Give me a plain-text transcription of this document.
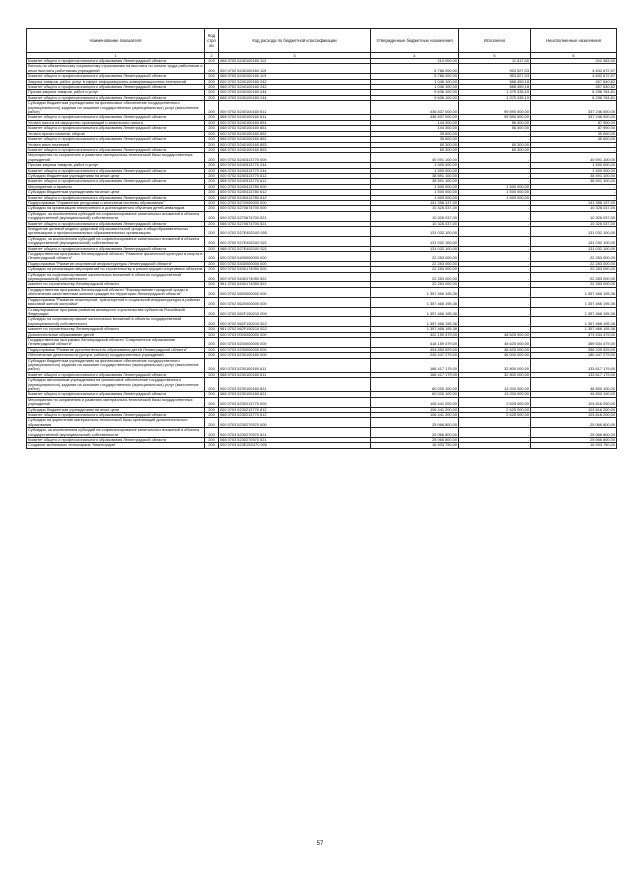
Наименование показателя	Код стро ки	Код расхода по бюджетной классификации	Утвержденные бюджетные назначения	Исполнено	Неисполненные назначения
1	2	3	4	5	6
Комитет общего и профессионального образования Ленинградской области	200	068 0702 5240100160 112	214 000,00	11 517,00	202 483,00
Взносы по обязательному социальному страхованию на выплаты по оплате труда работников и иные выплаты работникам учреждений	200	000 0702 5240100160 119	5 786 200,00	953 527,03	4 832 672,97
Комитет общего и профессионального образования Ленинградской области	200	068 0702 5240100160 119	5 786 200,00	953 527,03	4 832 672,97
Закупка товаров, работ, услуг в сфере информационно-коммуникационных технологий	200	000 0702 5240100160 242	1 046 100,00	588 459,18	457 640,82
Комитет общего и профессионального образования Ленинградской области	200	068 0702 5240100160 242	1 046 100,00	588 459,18	457 640,82
Прочая закупка товаров, работ и услуг	200	000 0702 5240100160 244	9 636 100,00	1 379 335,19	8 256 764,81
Комитет общего и профессионального образования Ленинградской области	200	068 0702 5240100160 244	9 636 100,00	1 379 335,19	8 256 764,81
Субсидии бюджетным учреждениям на финансовое обеспечение государственного (муниципального) задания на оказание государственных (муниципальных) услуг (выполнение работ)	200	000 0702 5240100160 611	436 837 000,00	99 590 500,00	337 246 500,00
Комитет общего и профессионального образования Ленинградской области	200	068 0702 5240100160 611	436 837 000,00	99 590 500,00	337 246 500,00
Уплата налога на имущество организаций и земельного налога	200	000 0702 5240100160 851	144 300,00	56 400,00	87 900,00
Комитет общего и профессионального образования Ленинградской области	200	068 0702 5240100160 851	144 300,00	56 400,00	87 900,00
Уплата прочих налогов, сборов	200	000 0702 5240100160 852	35 600,00	-	35 600,00
Комитет общего и профессионального образования Ленинградской области	200	068 0702 5240100160 852	35 600,00	-	35 600,00
Уплата иных платежей	200	000 0702 5240100160 853	80 300,00	80 300,00	-
Комитет общего и профессионального образования Ленинградской области	200	068 0702 5240100160 853	80 300,00	80 300,00	-
Мероприятия по сохранению и развитию материально-технической базы государственных учреждений	200	000 0702 5240313770 000	40 091 100,00	-	40 091 100,00
Прочая закупка товаров, работ и услуг	200	000 0702 5240313770 244	1 500 000,00	-	1 500 000,00
Комитет общего и профессионального образования Ленинградской области	200	068 0702 5240313770 244	1 500 000,00	-	1 500 000,00
Субсидии бюджетным учреждениям на иные цели	200	000 0702 5240313770 612	38 591 100,00	-	38 591 100,00
Комитет общего и профессионального образования Ленинградской области	200	068 0702 5240313770 612	38 591 100,00	-	38 591 100,00
Мероприятия и проекты	200	000 0702 5240413780 000	1 500 000,00	1 500 000,00	-
Субсидии бюджетным учреждениям на иные цели	200	000 0702 5240413780 612	1 500 000,00	1 500 000,00	-
Комитет общего и профессионального образования Ленинградской области	200	068 0702 5240413780 612	1 500 000,00	1 500 000,00	-
Подпрограмма "Управление ресурсами и качеством системы образования"	200	000 0702 5270000000 000	141 358 137,00	-	141 358 137,00
Субсидии на организацию электронного и дистанционного обучения детей-инвалидов	200	000 0702 5270674700 000	10 326 037,00	-	10 326 037,00
Субсидии, за исключением субсидий на софинансирование капитальных вложений в объекты государственной (муниципальной) собственности	200	000 0702 5270674700 521	10 326 037,00	-	10 326 037,00
Комитет общего и профессионального образования Ленинградской области	200	068 0702 5270674700 521	10 326 037,00	-	10 326 037,00
Внедрение целевой модели цифровой образовательной среды в общеобразовательных организациях и профессиональных образовательных организациях	200	000 0702 527E452100 000	131 032 100,00	-	131 032 100,00
Субсидии, за исключением субсидий на софинансирование капитальных вложений в объекты государственной (муниципальной) собственности	200	000 0702 527E452100 521	131 032 100,00	-	131 032 100,00
Комитет общего и профессионального образования Ленинградской области	200	068 0702 527E452100 521	131 032 100,00	-	131 032 100,00
Государственная программа Ленинградской области "Развитие физической культуры и спорта в Ленинградской области"	200	000 0702 5400000000 000	22 283 000,00	-	22 283 000,00
Подпрограмма "Развитие спортивной инфраструктуры Ленинградской области"	200	000 0702 5430000000 000	22 283 000,00	-	22 283 000,00
Субсидии на реализацию мероприятий по строительству и реконструкции спортивных объектов	200	000 0702 5430174050 000	22 283 000,00	-	22 283 000,00
Субсидии на софинансирование капитальных вложений в объекты государственной (муниципальной) собственности	200	000 0702 5430174050 522	22 283 000,00	-	22 283 000,00
комитет по строительству Ленинградской области	200	981 0702 5430174050 522	22 283 000,00	-	22 283 000,00
Государственная программа Ленинградской области "Формирование городской среды и обеспечение качественным жильем граждан на территории Ленинградской области"	200	000 0702 5600000000 000	1 357 466 195,36	-	1 357 466 195,36
Подпрограмма "Развитие инженерной, транспортной и социальной инфраструктуры в районах массовой жилой застройки"	200	000 0702 5620000000 000	1 357 466 195,36	-	1 357 466 195,36
Стимулирование программ развития жилищного строительства субъектов Российской Федерации	200	000 0702 562F150210 000	1 357 466 195,36	-	1 357 466 195,36
Субсидии на софинансирование капитальных вложений в объекты государственной (муниципальной) собственности	200	000 0702 562F150210 522	1 357 466 195,36	-	1 357 466 195,36
комитет по строительству Ленинградской области	200	981 0702 562F150210 522	1 357 466 195,36	-	1 357 466 195,36
Дополнительное образование детей	200	000 0703 0000000000 000	422 159 479,00	48 625 000,00	373 534 479,00
Государственная программа Ленинградской области "Современное образование Ленинградской области"	200	000 0703 5200000000 000	418 159 479,00	48 625 000,00	369 534 479,00
Подпрограмма "Развитие дополнительного образования детей Ленинградской области"	200	000 0703 5230000000 000	404 854 529,00	48 625 000,00	356 229 529,00
Обеспечение деятельности (услуги, работы) государственных учреждений	200	000 0703 5230100160 000	226 447 279,00	46 000 000,00	180 447 279,00
Субсидии бюджетным учреждениям на финансовое обеспечение государственного (муниципального) задания на оказание государственных (муниципальных) услуг (выполнение работ)	200	000 0703 5230100160 611	166 417 179,00	32 800 000,00	133 617 179,00
Комитет общего и профессионального образования Ленинградской области	200	068 0703 5230100160 611	166 417 179,00	32 800 000,00	133 617 179,00
Субсидии автономным учреждениям на финансовое обеспечение государственного (муниципального) задания на оказание государственных (муниципальных) услуг (выполнение работ)	200	000 0703 5230100160 621	60 030 100,00	13 200 000,00	46 830 100,00
Комитет общего и профессионального образования Ленинградской области	200	068 0703 5230100160 621	60 030 100,00	13 200 000,00	46 830 100,00
Мероприятия по сохранению и развитию материально-технической базы государственных учреждений	200	000 0703 5230213770 000	106 441 200,00	2 625 000,00	103 816 200,00
Субсидии бюджетным учреждениям на иные цели	200	000 0703 5230213770 612	106 441 200,00	2 625 000,00	103 816 200,00
Комитет общего и профессионального образования Ленинградской области	200	068 0703 5230213770 612	106 441 200,00	2 625 000,00	103 816 200,00
Субсидии на укрепление материально-технической базы организаций дополнительного образования	200	000 0703 5230270570 000	25 066 800,00	-	25 066 800,00
Субсидии, за исключением субсидий на софинансирование капитальных вложений в объекты государственной (муниципальной) собственности	200	000 0703 5230270570 521	25 066 800,00	-	25 066 800,00
Комитет общего и профессионального образования Ленинградской области	200	068 0703 5230270570 521	25 066 800,00	-	25 066 800,00
Создание мобильных технопарков "Кванториум"	200	000 0703 523E252470 000	16 933 750,00	-	16 933 750,00
57
